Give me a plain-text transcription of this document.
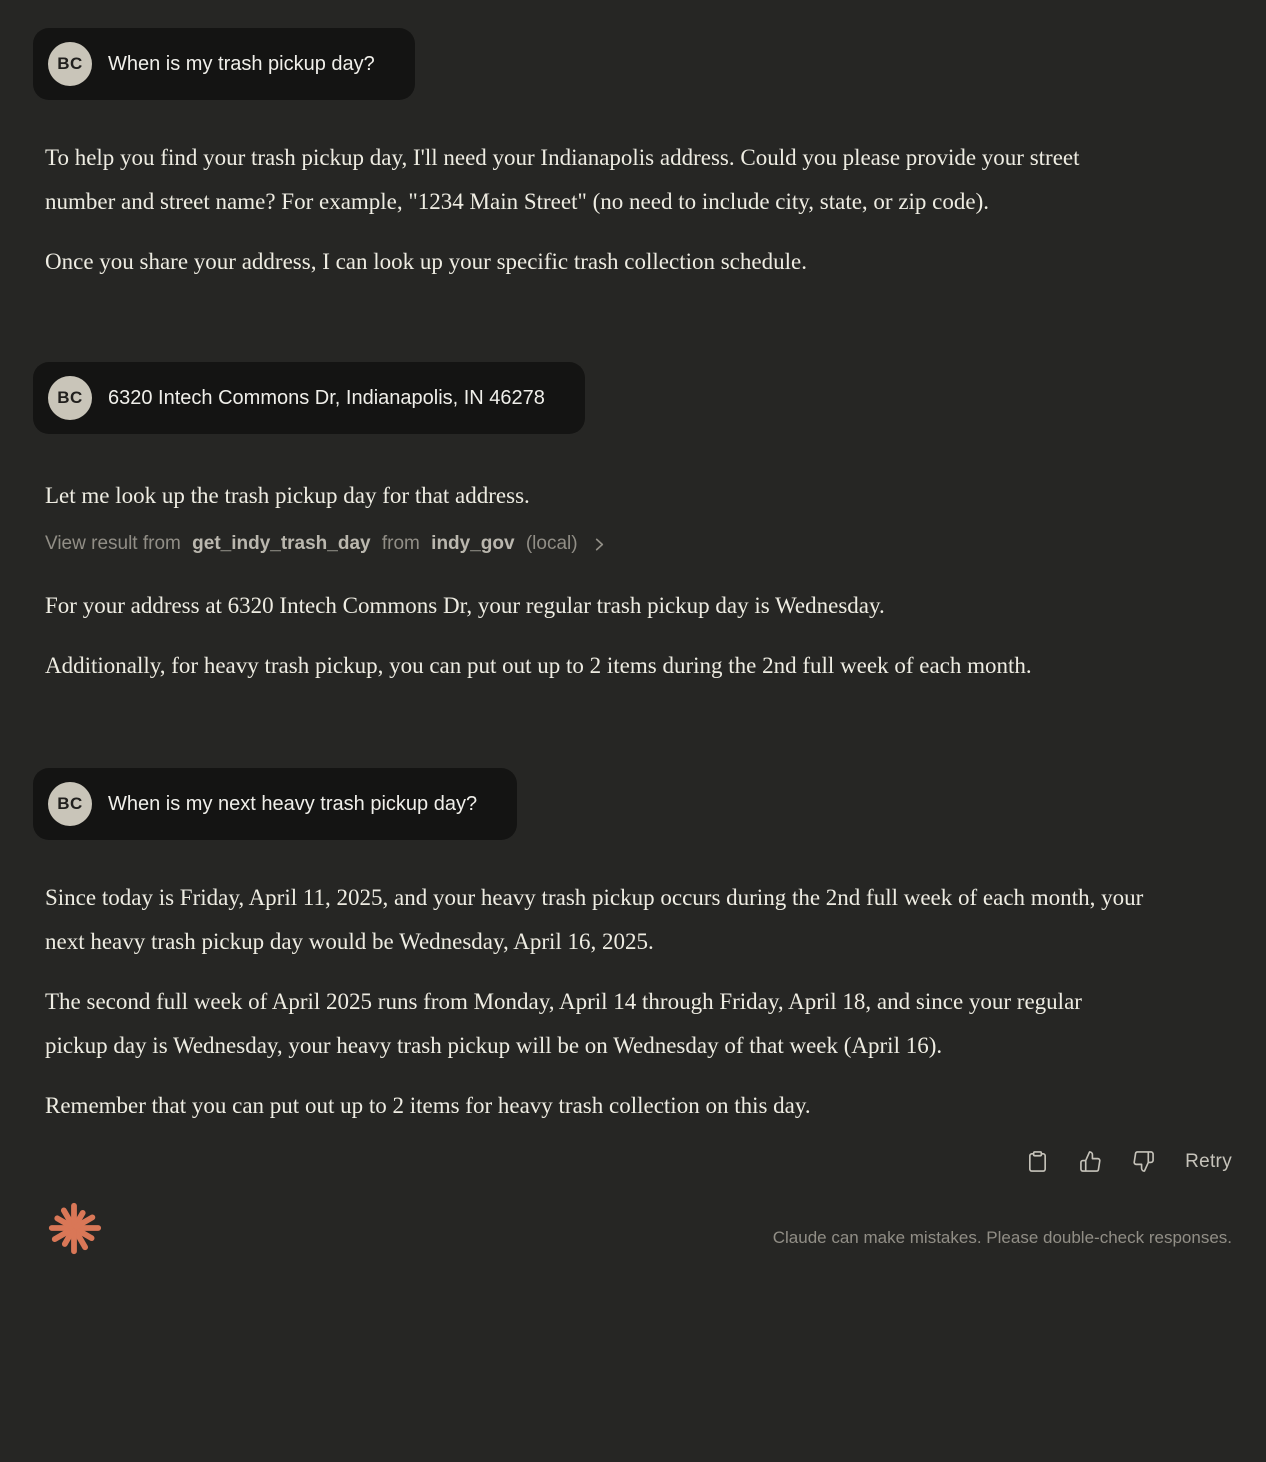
BC	When is my trash pickup day?

To help you find your trash pickup day, I'll need your Indianapolis address. Could you please provide your street number and street name? For example, "1234 Main Street" (no need to include city, state, or zip code).

Once you share your address, I can look up your specific trash collection schedule.

BC	6320 Intech Commons Dr, Indianapolis, IN 46278

Let me look up the trash pickup day for that address.

View result from get_indy_trash_day from indy_gov (local)

For your address at 6320 Intech Commons Dr, your regular trash pickup day is Wednesday.

Additionally, for heavy trash pickup, you can put out up to 2 items during the 2nd full week of each month.

BC	When is my next heavy trash pickup day?

Since today is Friday, April 11, 2025, and your heavy trash pickup occurs during the 2nd full week of each month, your next heavy trash pickup day would be Wednesday, April 16, 2025.

The second full week of April 2025 runs from Monday, April 14 through Friday, April 18, and since your regular pickup day is Wednesday, your heavy trash pickup will be on Wednesday of that week (April 16).

Remember that you can put out up to 2 items for heavy trash collection on this day.

Retry
Claude can make mistakes. Please double-check responses.
